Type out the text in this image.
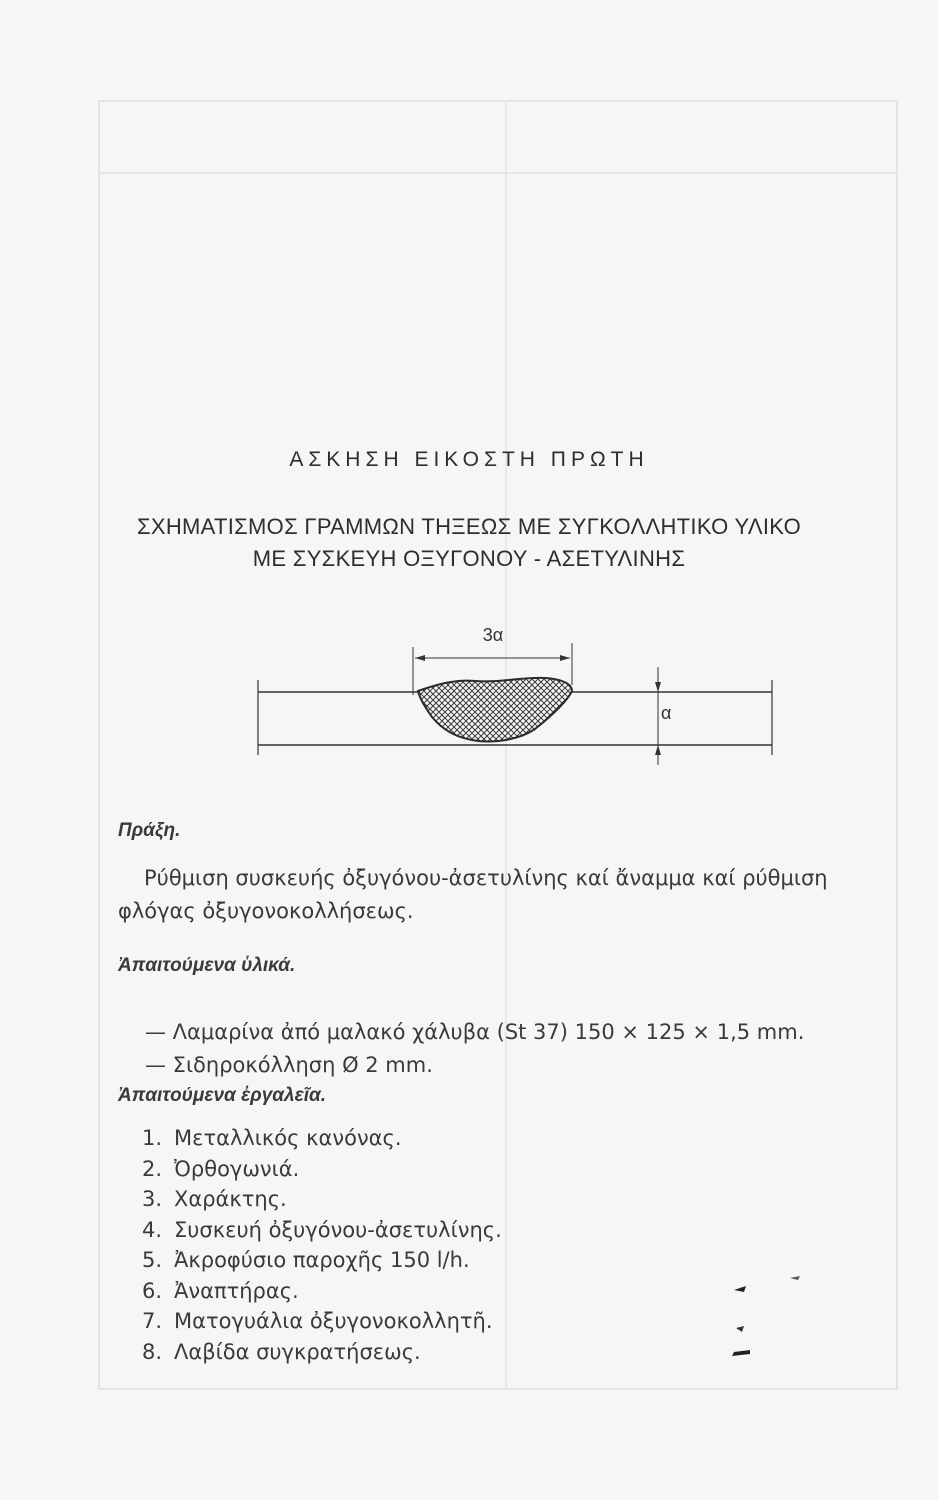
ΑΣΚΗΣΗ ΕΙΚΟΣΤΗ ΠΡΩΤΗ
ΣΧΗΜΑΤΙΣΜΟΣ ΓΡΑΜΜΩΝ ΤΗΞΕΩΣ ΜΕ ΣΥΓΚΟΛΛΗΤΙΚΟ ΥΛΙΚΟ
ΜΕ ΣΥΣΚΕΥΗ ΟΞΥΓΟΝΟΥ - ΑΣΕΤΥΛΙΝΗΣ
3α
α
Πράξη.
Ρύθμιση συσκευής ὀξυγόνου-ἀσετυλίνης καί ἄναμμα καί ρύθμιση
φλόγας ὀξυγονοκολλήσεως.
Ἀπαιτούμενα ὑλικά.
— Λαμαρίνα ἀπό μαλακό χάλυβα (St 37) 150 × 125 × 1,5 mm.
— Σιδηροκόλληση Ø 2 mm.
Ἀπαιτούμενα ἐργαλεῖα.
1. Μεταλλικός κανόνας.
2. Ὀρθογωνιά.
3. Χαράκτης.
4. Συσκευή ὀξυγόνου-ἀσετυλίνης.
5. Ἀκροφύσιο παροχῆς 150 l/h.
6. Ἀναπτήρας.
7. Ματογυάλια ὀξυγονοκολλητῆ.
8. Λαβίδα συγκρατήσεως.
